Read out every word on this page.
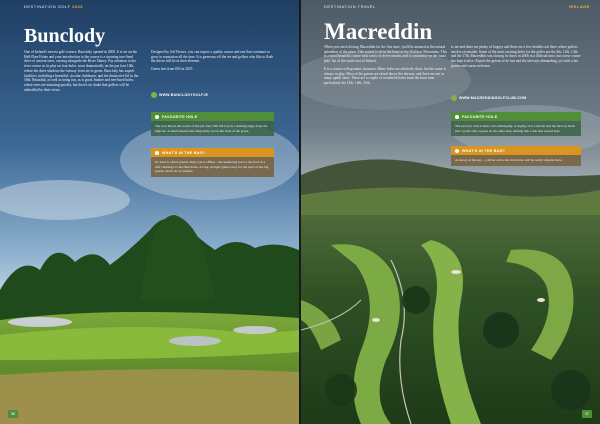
DESTINATION GOLF 2026
Bunclody

One of Ireland's newest golf courses, Bunclody opened in 2009. It is set on the Hall-Dare Estate and your introduction to the course is a stunning tree-lined drive of ancient trees, curving alongside the River Slaney. Pay attention to the river course as its play on four holes, most dramatically on the par four 10th, where the drive shadows the fairway from tee to green. Bunclody has superb facilities, including a beautiful, circular clubhouse, and the distinctive lift to the 18th. Beautiful, as well as being fun, as is good, bunker and tree-lined holes, where trees are maturing quickly, but there's no doubt that golfers will be enthralled by their views.

Designed by Jeff Howes, you can expect a quality course and one that continues to grow in reputation all the time. It is generous off the tee and golfers who like to flash the driver will be in their element.

Green fees from €65 in 2025

WWW.BUNCLODYGOLF.IE
FAVOURITE HOLE
The four line in the corner of the par-four 15th fairway in a striking target from the high tee. A small stream runs diagonally across the front of the green.
WHAT'S IN THE BAG?
It's hard to attack greens when you're offline – the bunkering area to the front is a stiff challenge to the final holes. A long, straight game is key for the parts of the big greens which are accessible.
36
DESTINATION TRAVEL	IRELAND
Macreddin

When you reach driving Macreddin for the first time, you'll be amazed at the natural splendour of the place. This course is set in the heart of the Wicklow Mountains. This is a most beautiful course with a mix of clever terrain, and is a mainstay on the 'must play' list of the south-east of Ireland.

It is a course with genuine character. Many holes are relatively short, but the water is always in play. Most of the greens are raised above the fairway, and there are not so many uphill shots. There are a couple of wonderful holes from the front nine, particularly the 13th, 14th, 15th.

to tee and there are plenty of bogeys and there are a few doubles out there where golfers need to reconsider. Some of the most exciting holes for the golfer are the 4th, 12th, 13th and the 17th. Macreddin was closing its doors in 2006 in a difficult time, but a new course has kept it alive. Expect the greens to be fast and the fairways demanding, yet with a fair greens and warm welcome.

WWW.MACREDDINGOLFCLUB.COM
FAVOURITE HOLE
The par four 12th is short, but challenging. A dogleg over a stream and the fairway leads into a pond with a green on the other side, making this a risk and reward hole.
WHAT'S IN THE BAG?
Accuracy is the key – a driver and a few mid-irons will be really valuable here.
37
